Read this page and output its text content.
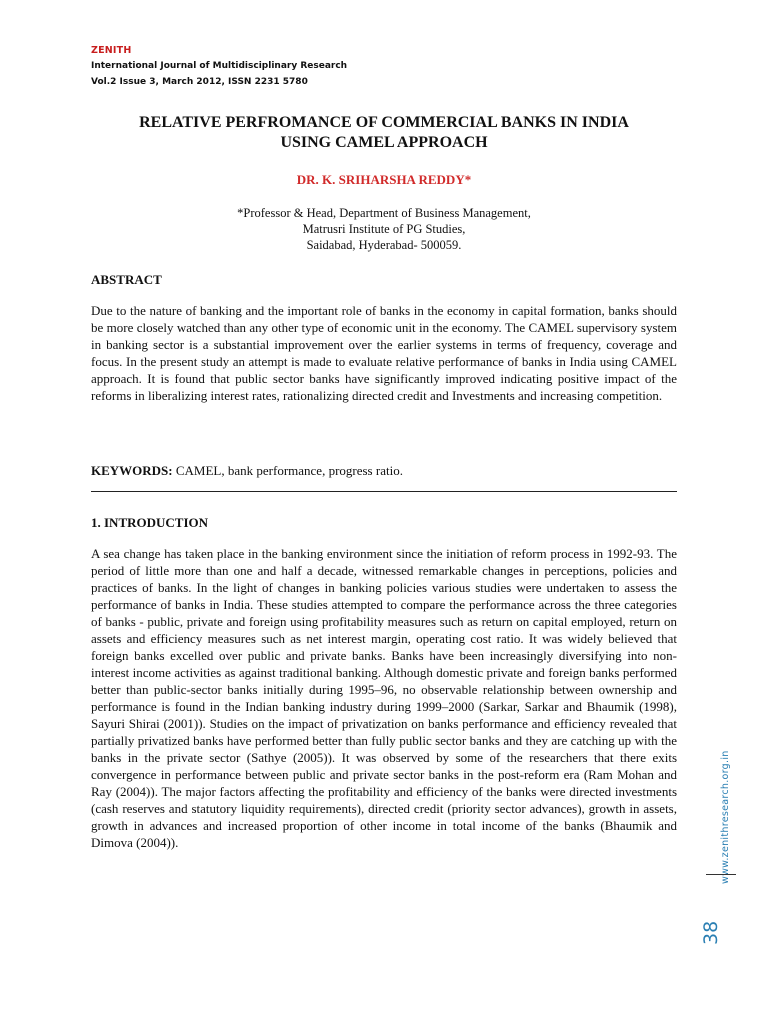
ZENITH
International Journal of Multidisciplinary Research
Vol.2 Issue 3, March 2012, ISSN 2231 5780
RELATIVE PERFROMANCE OF COMMERCIAL BANKS IN INDIA
USING CAMEL APPROACH
DR. K. SRIHARSHA REDDY*
*Professor & Head, Department of Business Management,
Matrusri Institute of PG Studies,
Saidabad, Hyderabad- 500059.
ABSTRACT

Due to the nature of banking and the important role of banks in the economy in capital formation, banks should be more closely watched than any other type of economic unit in the economy. The CAMEL supervisory system in banking sector is a substantial improvement over the earlier systems in terms of frequency, coverage and focus. In the present study an attempt is made to evaluate relative performance of banks in India using CAMEL approach. It is found that public sector banks have significantly improved indicating positive impact of the reforms in liberalizing interest rates, rationalizing directed credit and Investments and increasing competition.

KEYWORDS: CAMEL, bank performance, progress ratio.
1. INTRODUCTION

A sea change has taken place in the banking environment since the initiation of reform process in 1992-93. The period of little more than one and half a decade, witnessed remarkable changes in perceptions, policies and practices of banks. In the light of changes in banking policies various studies were undertaken to assess the performance of banks in India. These studies attempted to compare the performance across the three categories of banks - public, private and foreign using profitability measures such as return on capital employed, return on assets and efficiency measures such as net interest margin, operating cost ratio. It was widely believed that foreign banks excelled over public and private banks. Banks have been increasingly diversifying into non-interest income activities as against traditional banking. Although domestic private and foreign banks performed better than public-sector banks initially during 1995–96, no observable relationship between ownership and performance is found in the Indian banking industry during 1999–2000 (Sarkar, Sarkar and Bhaumik (1998), Sayuri Shirai (2001)). Studies on the impact of privatization on banks performance and efficiency revealed that partially privatized banks have performed better than fully public sector banks and they are catching up with the banks in the private sector (Sathye (2005)). It was observed by some of the researchers that there exits convergence in performance between public and private sector banks in the post-reform era (Ram Mohan and Ray (2004)). The major factors affecting the profitability and efficiency of the banks were directed investments (cash reserves and statutory liquidity requirements), directed credit (priority sector advances), growth in assets, growth in advances and increased proportion of other income in total income of the banks (Bhaumik and Dimova (2004)).	www.zenithresearch.org.in
38
